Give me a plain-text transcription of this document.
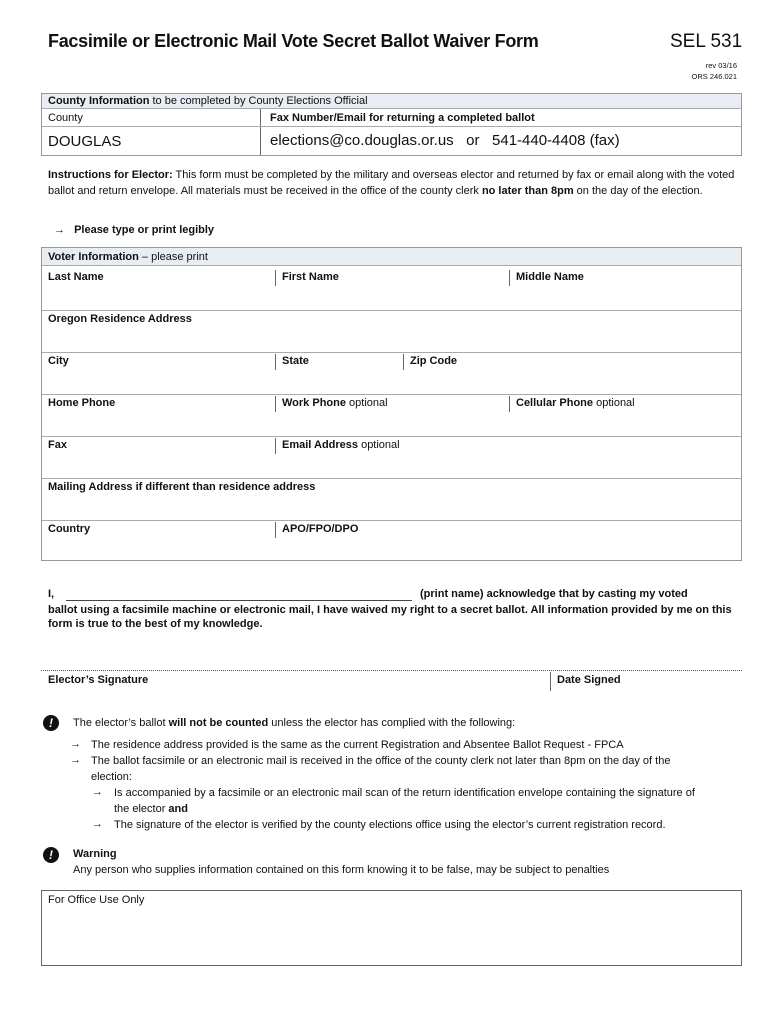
Facsimile or Electronic Mail Vote Secret Ballot Waiver Form	SEL 531
rev 03/16
ORS 246.021
County Information to be completed by County Elections Official
County	Fax Number/Email for returning a completed ballot
DOUGLAS	elections@co.douglas.or.us   or   541-440-4408 (fax)
Instructions for Elector: This form must be completed by the military and overseas elector and returned by fax or email along with the voted ballot and return envelope. All materials must be received in the office of the county clerk no later than 8pm on the day of the election.
→ Please type or print legibly
Voter Information – please print
Last Name	First Name	Middle Name
Oregon Residence Address
City	State	Zip Code
Home Phone	Work Phone optional	Cellular Phone optional
Fax	Email Address optional
Mailing Address if different than residence address
Country	APO/FPO/DPO
I,	(print name) acknowledge that by casting my voted
ballot using a facsimile machine or electronic mail, I have waived my right to a secret ballot. All information provided by me on this
form is true to the best of my knowledge.
Elector’s Signature	Date Signed
!	The elector’s ballot will not be counted unless the elector has complied with the following:
→ The residence address provided is the same as the current Registration and Absentee Ballot Request - FPCA
→ The ballot facsimile or an electronic mail is received in the office of the county clerk not later than 8pm on the day of the
election:
→ Is accompanied by a facsimile or an electronic mail scan of the return identification envelope containing the signature of
the elector and
→ The signature of the elector is verified by the county elections office using the elector’s current registration record.
!	Warning
Any person who supplies information contained on this form knowing it to be false, may be subject to penalties
For Office Use Only
